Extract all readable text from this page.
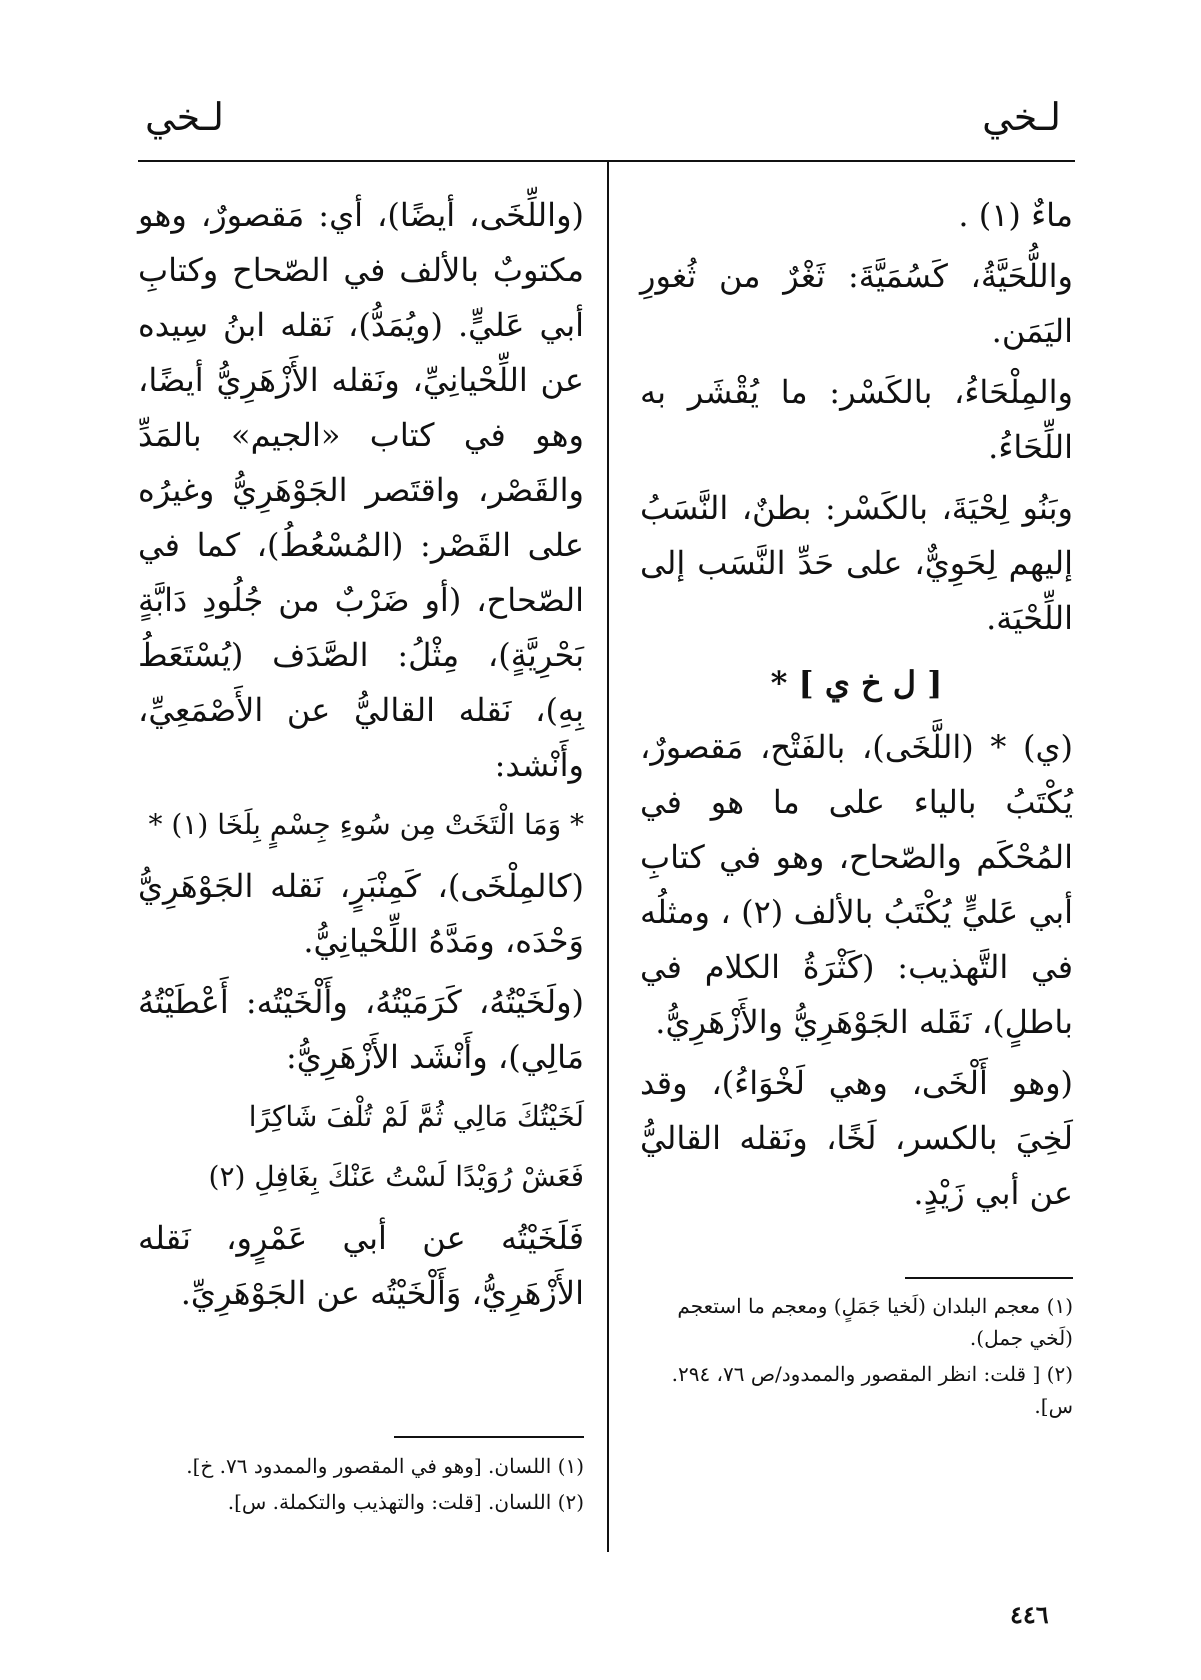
لـخي
لـخي

ماءٌ (١) .

واللُّحَيَّةُ، كَسُمَيَّةَ: ثَغْرٌ من ثُغورِ اليَمَن.

والمِلْحَاءُ، بالكَسْر: ما يُقْشَر به اللِّحَاءُ.

وبَنُو لِحْيَةَ، بالكَسْر: بطنٌ، النَّسَبُ إليهم لِحَوِيٌّ، على حَدِّ النَّسَب إلى اللِّحْيَة.

[ ل خ ي ] *

(ي) * (اللَّخَى)، بالفَتْح، مَقصورٌ، يُكْتَبُ بالياء على ما هو في المُحْكَم والصّحاح، وهو في كتابِ أبي عَليٍّ يُكْتَبُ بالألف (٢) ، ومثلُه في التَّهذيب: (كَثْرَةُ الكلام في باطلٍ)، نَقَله الجَوْهَرِيُّ والأَزْهَرِيُّ.

(وهو أَلْخَى، وهي لَخْوَاءُ)، وقد لَخِيَ بالكسر، لَخًا، ونَقله القاليُّ عن أبي زَيْدٍ.

(واللِّخَى، أيضًا)، أي: مَقصورٌ، وهو مكتوبٌ بالألف في الصّحاح وكتابِ أبي عَليٍّ. (ويُمَدُّ)، نَقله ابنُ سِيده عن اللِّحْيانِيِّ، ونَقله الأَزْهَرِيُّ أيضًا، وهو في كتاب «الجيم» بالمَدِّ والقَصْر، واقتَصر الجَوْهَرِيُّ وغيرُه على القَصْر: (المُسْعُطُ)، كما في الصّحاح، (أو ضَرْبٌ من جُلُودِ دَابَّةٍ بَحْرِيَّةٍ)، مِثْلُ: الصَّدَف (يُسْتَعَطُ بِهِ)، نَقله القاليُّ عن الأَصْمَعِيِّ، وأَنْشد:

* وَمَا الْتَخَتْ مِن سُوءِ جِسْمٍ بِلَخَا (١) *

(كالمِلْخَى)، كَمِنْبَرٍ، نَقله الجَوْهَرِيُّ وَحْدَه، ومَدَّهُ اللِّحْيانِيُّ.

(ولَخَيْتُهُ، كَرَمَيْتُهُ، وأَلْخَيْتُه: أَعْطَيْتُهُ مَالِي)، وأَنْشَد الأَزْهَرِيُّ:

لَخَيْتُكَ مَالِي ثُمَّ لَمْ تُلْفَ شَاكِرًا
فَعَشْ رُوَيْدًا لَسْتُ عَنْكَ بِغَافِلِ (٢)

فَلَخَيْتُه عن أبي عَمْرٍو، نَقله الأَزْهَرِيُّ، وَأَلْخَيْتُه عن الجَوْهَرِيِّ.	(١) معجم البلدان (لَخيا جَمَلٍ) ومعجم ما استعجم (لَخي جمل).
(٢) [ قلت: انظر المقصور والممدود/ص ٧٦، ٢٩٤. س].
(١) اللسان. [وهو في المقصور والممدود ٧٦. خ].
(٢) اللسان. [قلت: والتهذيب والتكملة. س].
٤٤٦
